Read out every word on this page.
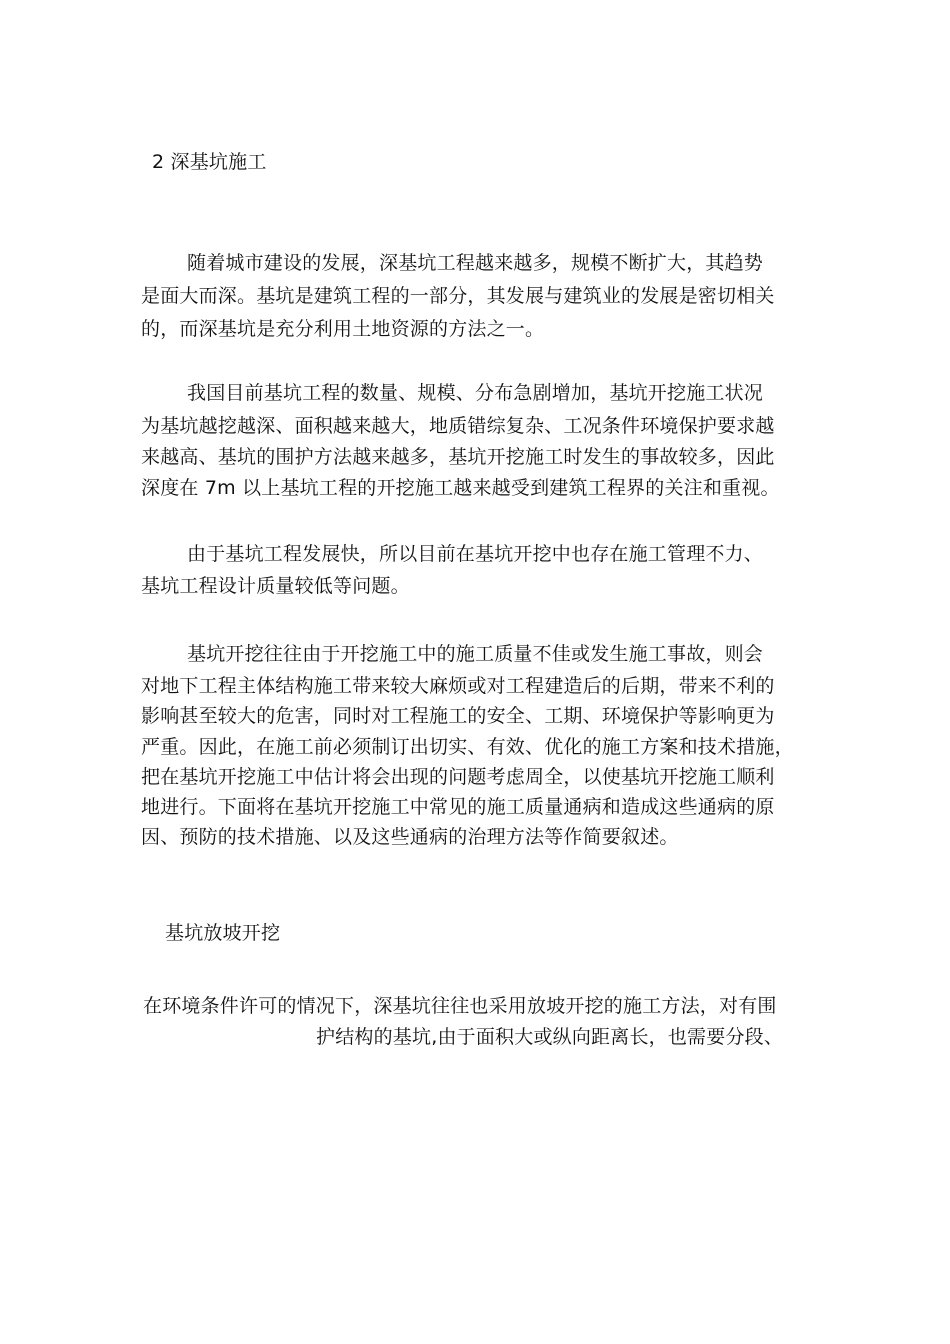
2 深基坑施工
随着城市建设的发展，深基坑工程越来越多，规模不断扩大，其趋势
是面大而深。基坑是建筑工程的一部分，其发展与建筑业的发展是密切相关
的，而深基坑是充分利用土地资源的方法之一。
我国目前基坑工程的数量、规模、分布急剧增加，基坑开挖施工状况
为基坑越挖越深、面积越来越大，地质错综复杂、工况条件环境保护要求越
来越高、基坑的围护方法越来越多，基坑开挖施工时发生的事故较多，因此
深度在 7m 以上基坑工程的开挖施工越来越受到建筑工程界的关注和重视。
由于基坑工程发展快，所以目前在基坑开挖中也存在施工管理不力、
基坑工程设计质量较低等问题。
基坑开挖往往由于开挖施工中的施工质量不佳或发生施工事故，则会
对地下工程主体结构施工带来较大麻烦或对工程建造后的后期，带来不利的
影响甚至较大的危害，同时对工程施工的安全、工期、环境保护等影响更为
严重。因此，在施工前必须制订出切实、有效、优化的施工方案和技术措施，
把在基坑开挖施工中估计将会出现的问题考虑周全，以使基坑开挖施工顺利
地进行。下面将在基坑开挖施工中常见的施工质量通病和造成这些通病的原
因、预防的技术措施、以及这些通病的治理方法等作简要叙述。
基坑放坡开挖
在环境条件许可的情况下，深基坑往往也采用放坡开挖的施工方法，对有围
护结构的基坑,由于面积大或纵向距离长，也需要分段、
